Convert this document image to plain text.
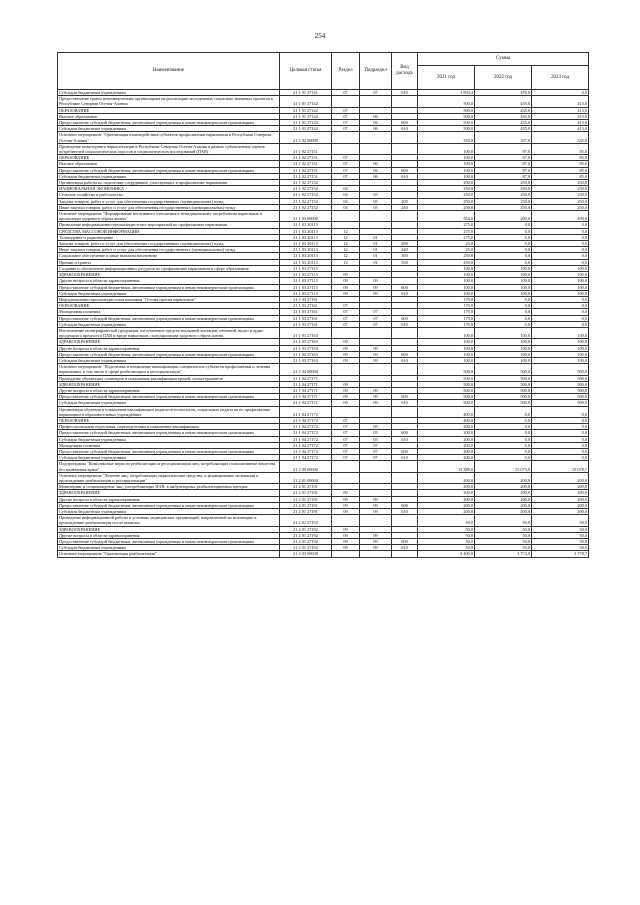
254
Наименование	Целевая статья	Раздел	Подраздел	Вид расхода	Сумма		
					2021 год	2022 год	2023 год
Субсидии бюджетным учреждениям	21 1 01 27141	07	07	610	1 894,4	476,0	0,0
Предоставление гранта некоммерческим организациям на реализацию молодежных социально значимых проектов в Республике Северная Осетия-Алания	21 1 01 27142				500,0	435,0	413,0
ОБРАЗОВАНИЕ	21 1 01 27142	07			500,0	435,0	413,0
Высшее образование	21 1 01 27142	07	06		500,0	435,0	413,0
Предоставление субсидий бюджетным, автономным учреждениям и иным некоммерческим организациям	21 1 01 27142	07	06	600	500,0	435,0	413,0
Субсидии бюджетным учреждениям	21 1 01 27142	07	06	610	500,0	435,0	413,0
Основное мероприятие "Организация взаимодействия субъектов профилактики наркомании в Республике Северная Осетия-Алания"	21 1 02 00000				350,0	337,0	335,0
Проведение мониторинга наркоситуации в Республике Северная Осетия-Алания в рамках субъективных оценок потребителей социологических опросов и социологических исследований (ПАВ)	21 1 02 27151				100,0	87,0	85,0
ОБРАЗОВАНИЕ	21 1 02 27151	07			100,0	87,0	85,0
Высшее образование	21 1 02 27151	07	06		100,0	87,0	85,0
Предоставление субсидий бюджетным, автономным учреждениям и иным некоммерческим организациям	21 1 02 27151	07	06	600	100,0	87,0	85,0
Субсидии бюджетным учреждениям	21 1 02 27151	07	06	610	100,0	87,0	85,0
Организация работы по подготовке сотрудников, участвующих в профилактике наркомании	21 1 02 27152				250,0	250,0	250,0
НАЦИОНАЛЬНАЯ ЭКОНОМИКА	21 1 02 27152	04			250,0	250,0	250,0
Сельское хозяйство и рыболовство	21 1 02 27152	04	05		250,0	250,0	250,0
Закупка товаров, работ и услуг для обеспечения государственных (муниципальных) нужд	21 1 02 27152	04	05	200	250,0	250,0	250,0
Иные закупки товаров, работ и услуг для обеспечения государственных (муниципальных) нужд	21 1 02 27152	04	05	240	250,0	250,0	250,0
Основное мероприятие "Формирование негативного отношения к немедицинскому потреблению наркотиков и пропаганды здорового образа жизни"	21 1 03 00000				554,0	200,0	200,0
Проведение информационно-пропагандистских мероприятий по профилактике наркомании	21 1 03 20113				275,0	0,0	0,0
СРЕДСТВА МАССОВОЙ ИНФОРМАЦИИ	21 1 03 20113	12			275,0	0,0	0,0
Телевидение и радиовещание	21 1 03 20113	12	01		275,0	0,0	0,0
Закупка товаров, работ и услуг для обеспечения государственных (муниципальных) нужд	21 1 03 20113	12	01	200	25,0	0,0	0,0
Иные закупки товаров, работ и услуг для обеспечения государственных (муниципальных) нужд	21 1 03 20113	12	01	240	25,0	0,0	0,0
Социальное обеспечение и иные выплаты населению	21 1 03 20113	12	01	300	250,0	0,0	0,0
Премии и гранты	21 1 03 20113	12	01	350	250,0	0,0	0,0
Создание и обеспечение информационных ресурсов по профилактике наркомании в сфере образования	21 1 03 27115				100,0	100,0	100,0
ЗДРАВООХРАНЕНИЕ	21 1 03 27115	09			100,0	100,0	100,0
Другие вопросы в области здравоохранения	21 1 03 27115	09	09		100,0	100,0	100,0
Предоставление субсидий бюджетным, автономным учреждениям и иным некоммерческим организациям	21 1 03 27115	09	09	600	100,0	100,0	100,0
Субсидии бюджетным учреждениям	21 1 03 27115	09	09	610	100,0	100,0	100,0
Информационно-пропагандистская кампания "Осетия против наркотиков"	21 1 03 27161				179,0	0,0	0,0
ОБРАЗОВАНИЕ	21 1 03 27161	07			179,0	0,0	0,0
Молодежная политика	21 1 03 27161	07	07		179,0	0,0	0,0
Предоставление субсидий бюджетным, автономным учреждениям и иным некоммерческим организациям	21 1 03 27161	07	07	600	179,0	0,0	0,0
Субсидии бюджетным учреждениям	21 1 03 27161	07	07	610	179,0	0,0	0,0
Изготовление полиграфической продукции, изготовление средств наглядной агитации, печатной, видео и аудио продукции о вредности ПАВ и вреде наркотиков, популяризации здорового образа жизни	21 1 03 27163				100,0	100,0	100,0
ЗДРАВООХРАНЕНИЕ	21 1 03 27163	09			100,0	100,0	100,0
Другие вопросы в области здравоохранения	21 1 03 27163	09	09		100,0	100,0	100,0
Предоставление субсидий бюджетным, автономным учреждениям и иным некоммерческим организациям	21 1 03 27163	09	09	600	100,0	100,0	100,0
Субсидии бюджетным учреждениям	21 1 03 27163	09	09	610	100,0	100,0	100,0
Основное мероприятие "Подготовка и повышение квалификации специалистов субъектов профилактики и лечения наркомании, в том числе в сфере реабилитации и ресоциализации"	21 1 04 00000				500,0	500,0	500,0
Проведение обучающих семинаров и повышения квалификации врачей, психотерапевтов	21 1 04 27171				500,0	500,0	500,0
ЗДРАВООХРАНЕНИЕ	21 1 04 27171	09			500,0	500,0	500,0
Другие вопросы в области здравоохранения	21 1 04 27171	09	09		500,0	500,0	500,0
Предоставление субсидий бюджетным, автономным учреждениям и иным некоммерческим организациям	21 1 04 27171	09	09	600	500,0	500,0	500,0
Субсидии бюджетным учреждениям	21 1 04 27171	09	09	610	500,0	500,0	500,0
Организация обучения и повышения квалификации педагогов-психологов, социальных педагогов по профилактике наркомании в образовательных учреждениях	21 1 04 27172				400,0	0,0	0,0
ОБРАЗОВАНИЕ	21 1 04 27172	07			400,0	0,0	0,0
Профессиональная подготовка, переподготовка и повышение квалификации	21 1 04 27172	07	05		200,0	0,0	0,0
Предоставление субсидий бюджетным, автономным учреждениям и иным некоммерческим организациям	21 1 04 27172	07	05	600	200,0	0,0	0,0
Субсидии бюджетным учреждениям	21 1 04 27172	07	05	610	200,0	0,0	0,0
Молодежная политика	21 1 04 27172	07	07		200,0	0,0	0,0
Предоставление субсидий бюджетным, автономным учреждениям и иным некоммерческим организациям	21 1 04 27172	07	07	600	200,0	0,0	0,0
Субсидии бюджетным учреждениям	21 1 04 27172	07	07	610	200,0	0,0	0,0
Подпрограмма "Комплексные меры по реабилитации и ресоциализации лиц, потребляющих психоактивные вещества без назначения врача"	21 2 00 00000				15 389,0	15 073,9	15 078,7
Основное мероприятие "Лечение лиц, потребляющих наркотические средства, и формирование мотивации к прохождению реабилитации и ресоциализации"	21 2 01 00000				200,0	200,0	200,0
Мониторинг и сопровождение лиц, употребляющих ПАВ, в амбулаторных реабилитационных центрах	21 2 01 27191				200,0	200,0	200,0
ЗДРАВООХРАНЕНИЕ	21 2 01 27191	09			200,0	200,0	200,0
Другие вопросы в области здравоохранения	21 2 01 27191	09	09		200,0	200,0	200,0
Предоставление субсидий бюджетным, автономным учреждениям и иным некоммерческим организациям	21 2 01 27191	09	09	600	200,0	200,0	200,0
Субсидии бюджетным учреждениям	21 2 01 27191	09	09	610	200,0	200,0	200,0
Проведение информационной работы в условиях медицинских организаций, направленной на мотивацию к прохождению реабилитации после выписки	21 2 01 27192				50,0	50,0	50,0
ЗДРАВООХРАНЕНИЕ	21 2 01 27192	09			50,0	50,0	50,0
Другие вопросы в области здравоохранения	21 2 01 27192	09	09		50,0	50,0	50,0
Предоставление субсидий бюджетным, автономным учреждениям и иным некоммерческим организациям	21 2 01 27192	09	09	600	50,0	50,0	50,0
Субсидии бюджетным учреждениям	21 2 01 27192	09	09	610	50,0	50,0	50,0
Основное мероприятие "Организация реабилитации"	21 2 03 00000				3 400,0	3 774,0	3 778,7
